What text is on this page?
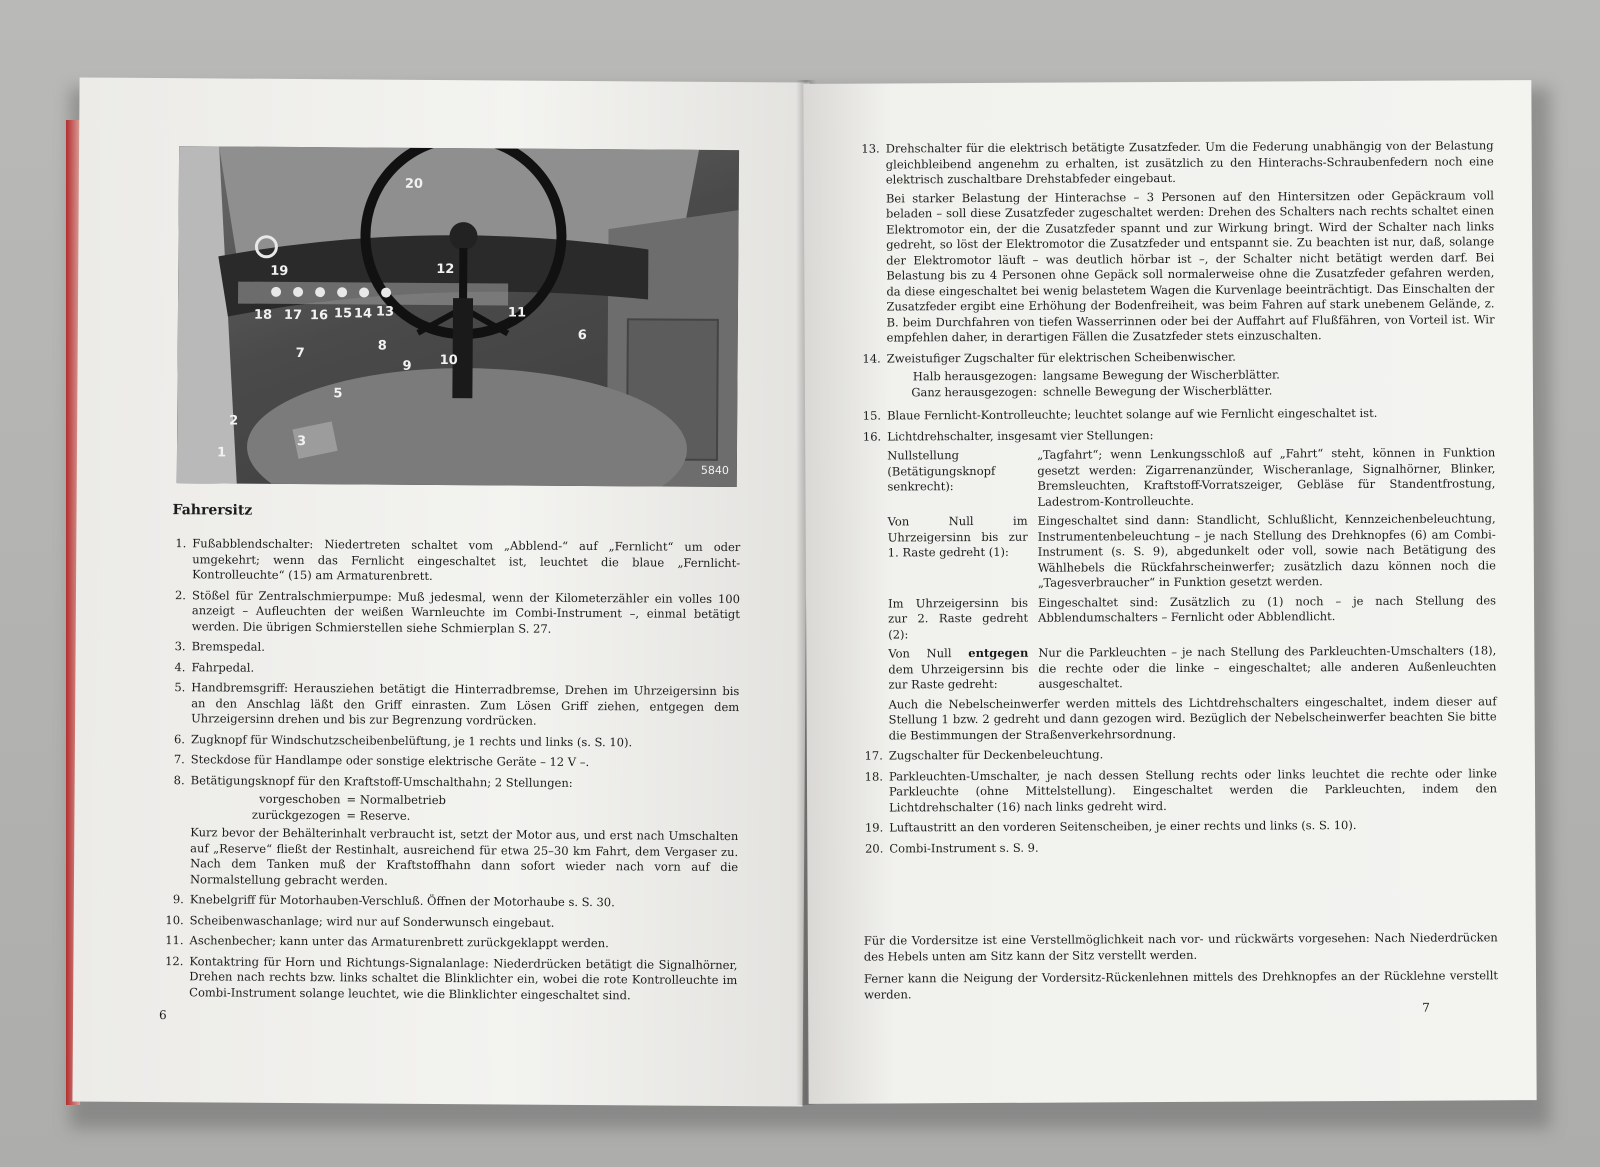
20
19	12
18 17 16 15 14 13	11
6
7	8
9 10
5
2
3
1
5840
Fahrersitz
1. Fußabblendschalter: Niedertreten schaltet vom „Abblend-“ auf „Fernlicht“ um oder umgekehrt; wenn das Fernlicht eingeschaltet ist, leuchtet die blaue „Fernlicht-Kontrolleuchte“ (15) am Armaturenbrett.
2. Stößel für Zentralschmierpumpe: Muß jedesmal, wenn der Kilometerzähler ein volles 100 anzeigt – Aufleuchten der weißen Warnleuchte im Combi-Instrument –, einmal betätigt werden. Die übrigen Schmierstellen siehe Schmierplan S. 27.
3. Bremspedal.
4. Fahrpedal.
5. Handbremsgriff: Herausziehen betätigt die Hinterradbremse, Drehen im Uhrzeigersinn bis an den Anschlag läßt den Griff einrasten. Zum Lösen Griff ziehen, entgegen dem Uhrzeigersinn drehen und bis zur Begrenzung vordrücken.
6. Zugknopf für Windschutzscheibenbelüftung, je 1 rechts und links (s. S. 10).
7. Steckdose für Handlampe oder sonstige elektrische Geräte – 12 V –.
8. Betätigungsknopf für den Kraftstoff-Umschalthahn; 2 Stellungen:
vorgeschoben = Normalbetrieb
zurückgezogen = Reserve.
Kurz bevor der Behälterinhalt verbraucht ist, setzt der Motor aus, und erst nach Umschalten auf „Reserve“ fließt der Restinhalt, ausreichend für etwa 25–30 km Fahrt, dem Vergaser zu. Nach dem Tanken muß der Kraftstoffhahn dann sofort wieder nach vorn auf die Normalstellung gebracht werden.
9. Knebelgriff für Motorhauben-Verschluß. Öffnen der Motorhaube s. S. 30.
10. Scheibenwaschanlage; wird nur auf Sonderwunsch eingebaut.
11. Aschenbecher; kann unter das Armaturenbrett zurückgeklappt werden.
12. Kontaktring für Horn und Richtungs-Signalanlage: Niederdrücken betätigt die Signalhörner, Drehen nach rechts bzw. links schaltet die Blinklichter ein, wobei die rote Kontrolleuchte im Combi-Instrument solange leuchtet, wie die Blinklichter eingeschaltet sind.
6
13. Drehschalter für die elektrisch betätigte Zusatzfeder. Um die Federung unabhängig von der Belastung gleichbleibend angenehm zu erhalten, ist zusätzlich zu den Hinterachs-Schraubenfedern noch eine elektrisch zuschaltbare Drehstabfeder eingebaut.
Bei starker Belastung der Hinterachse – 3 Personen auf den Hintersitzen oder Gepäckraum voll beladen – soll diese Zusatzfeder zugeschaltet werden: Drehen des Schalters nach rechts schaltet einen Elektromotor ein, der die Zusatzfeder spannt und zur Wirkung bringt. Wird der Schalter nach links gedreht, so löst der Elektromotor die Zusatzfeder und entspannt sie. Zu beachten ist nur, daß, solange der Elektromotor läuft – was deutlich hörbar ist –, der Schalter nicht betätigt werden darf. Bei Belastung bis zu 4 Personen ohne Gepäck soll normalerweise ohne die Zusatzfeder gefahren werden, da diese eingeschaltet bei wenig belastetem Wagen die Kurvenlage beeinträchtigt. Das Einschalten der Zusatzfeder ergibt eine Erhöhung der Bodenfreiheit, was beim Fahren auf stark unebenem Gelände, z. B. beim Durchfahren von tiefen Wasserrinnen oder bei der Auffahrt auf Flußfähren, von Vorteil ist. Wir empfehlen daher, in derartigen Fällen die Zusatzfeder stets einzuschalten.
14. Zweistufiger Zugschalter für elektrischen Scheibenwischer.
Halb herausgezogen: langsame Bewegung der Wischerblätter.
Ganz herausgezogen: schnelle Bewegung der Wischerblätter.
15. Blaue Fernlicht-Kontrolleuchte; leuchtet solange auf wie Fernlicht eingeschaltet ist.
16. Lichtdrehschalter, insgesamt vier Stellungen:
Nullstellung (Betätigungsknopf senkrecht):
„Tagfahrt“; wenn Lenkungsschloß auf „Fahrt“ steht, können in Funktion gesetzt werden: Zigarrenanzünder, Wischeranlage, Signalhörner, Blinker, Bremsleuchten, Kraftstoff-Vorratszeiger, Gebläse für Standentfrostung, Ladestrom-Kontrolleuchte.
Von Null im Uhrzeigersinn bis zur 1. Raste gedreht (1):
Eingeschaltet sind dann: Standlicht, Schlußlicht, Kennzeichenbeleuchtung, Instrumentenbeleuchtung – je nach Stellung des Drehknopfes (6) am Combi-Instrument (s. S. 9), abgedunkelt oder voll, sowie nach Betätigung des Wählhebels die Rückfahrscheinwerfer; zusätzlich dazu können noch die „Tagesverbraucher“ in Funktion gesetzt werden.
Im Uhrzeigersinn bis zur 2. Raste gedreht (2):
Eingeschaltet sind: Zusätzlich zu (1) noch – je nach Stellung des Abblendumschalters – Fernlicht oder Abblendlicht.
Von Null entgegen dem Uhrzeigersinn bis zur Raste gedreht:
Nur die Parkleuchten – je nach Stellung des Parkleuchten-Umschalters (18), die rechte oder die linke – eingeschaltet; alle anderen Außenleuchten ausgeschaltet.
Auch die Nebelscheinwerfer werden mittels des Lichtdrehschalters eingeschaltet, indem dieser auf Stellung 1 bzw. 2 gedreht und dann gezogen wird. Bezüglich der Nebelscheinwerfer beachten Sie bitte die Bestimmungen der Straßenverkehrsordnung.
17. Zugschalter für Deckenbeleuchtung.
18. Parkleuchten-Umschalter, je nach dessen Stellung rechts oder links leuchtet die rechte oder linke Parkleuchte (ohne Mittelstellung). Eingeschaltet werden die Parkleuchten, indem den Lichtdrehschalter (16) nach links gedreht wird.
19. Luftaustritt an den vorderen Seitenscheiben, je einer rechts und links (s. S. 10).
20. Combi-Instrument s. S. 9.
Für die Vordersitze ist eine Verstellmöglichkeit nach vor- und rückwärts vorgesehen: Nach Niederdrücken des Hebels unten am Sitz kann der Sitz verstellt werden.
Ferner kann die Neigung der Vordersitz-Rückenlehnen mittels des Drehknopfes an der Rücklehne verstellt werden.
7
